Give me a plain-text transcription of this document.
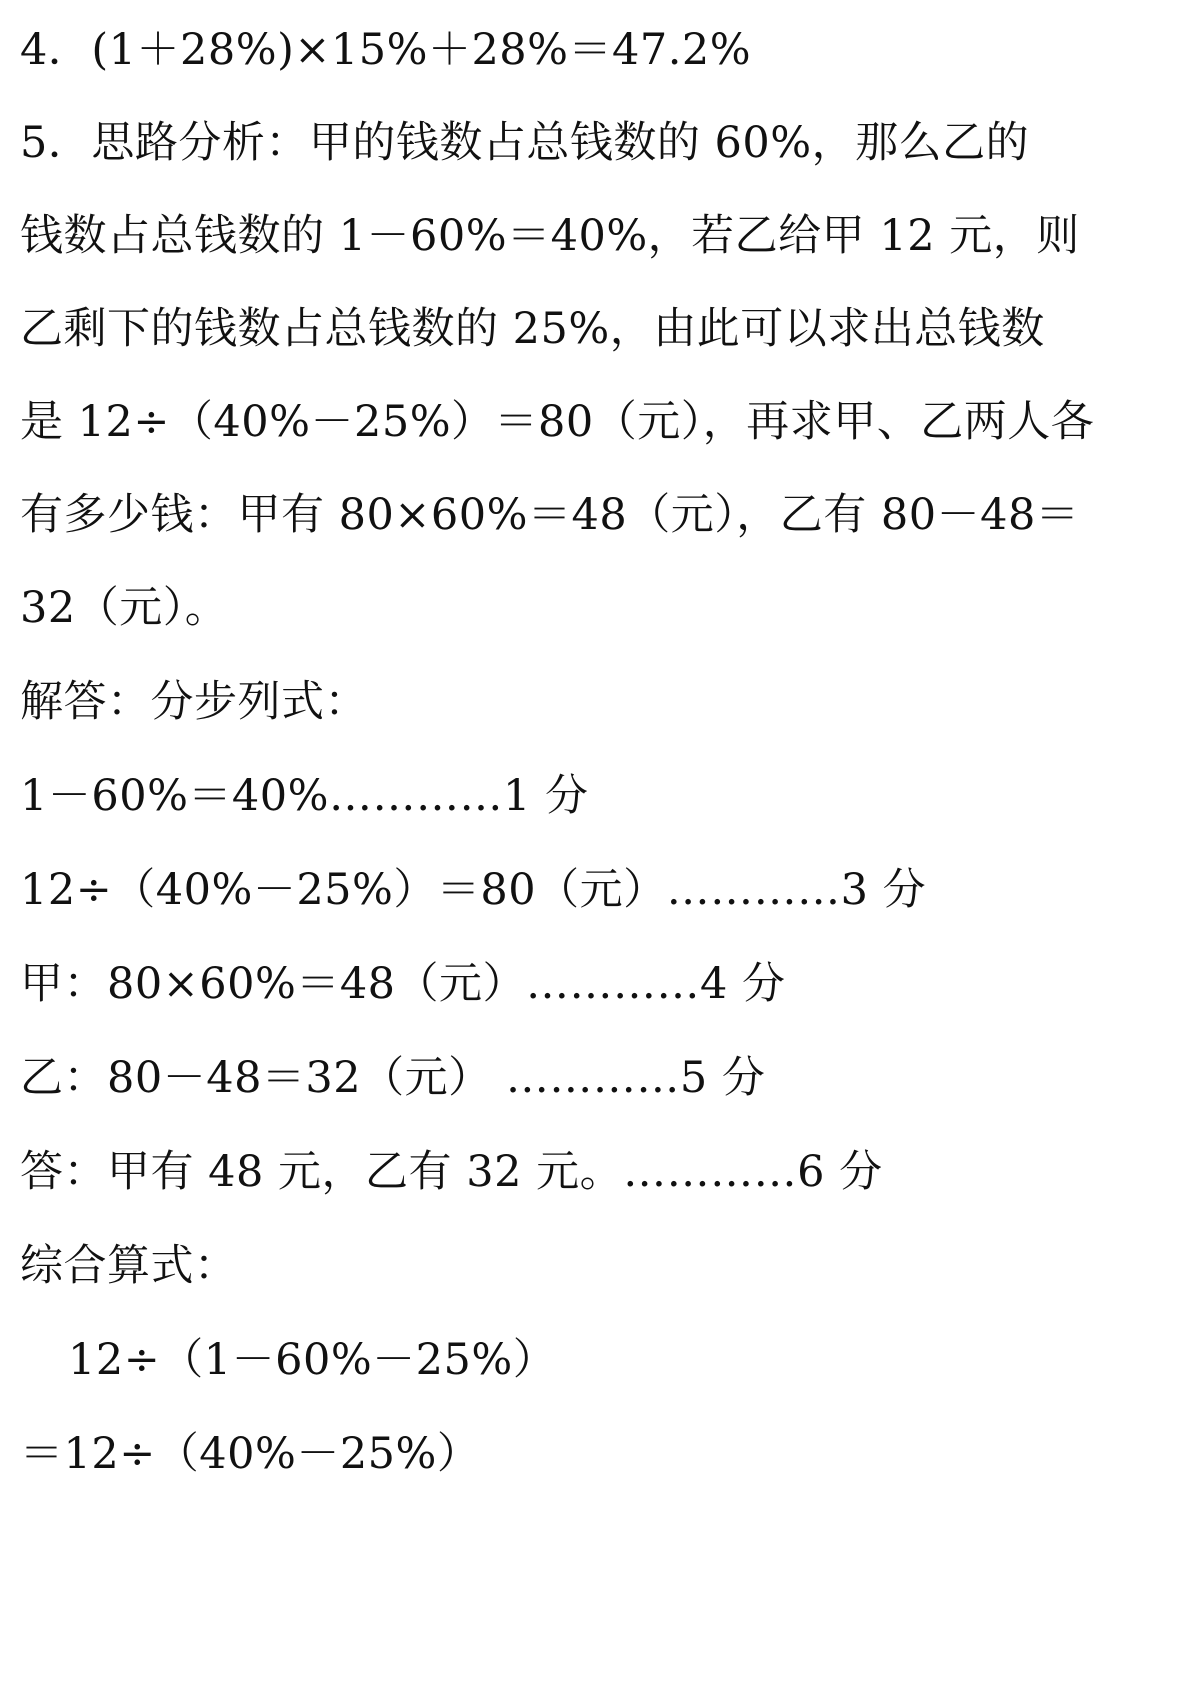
4．(1＋28%)×15%＋28%＝47.2%
5．思路分析：甲的钱数占总钱数的 60%，那么乙的
钱数占总钱数的 1－60%＝40%，若乙给甲 12 元，则
乙剩下的钱数占总钱数的 25%，由此可以求出总钱数
是 12÷（40%－25%）＝80（元），再求甲、乙两人各
有多少钱：甲有 80×60%＝48（元），乙有 80－48＝
32（元）。
解答：分步列式：
1－60%＝40%…………1 分
12÷（40%－25%）＝80（元）…………3 分
甲：80×60%＝48（元）…………4 分
乙：80－48＝32（元） …………5 分
答：甲有 48 元，乙有 32 元。…………6 分
综合算式：
12÷（1－60%－25%）
＝12÷（40%－25%）
